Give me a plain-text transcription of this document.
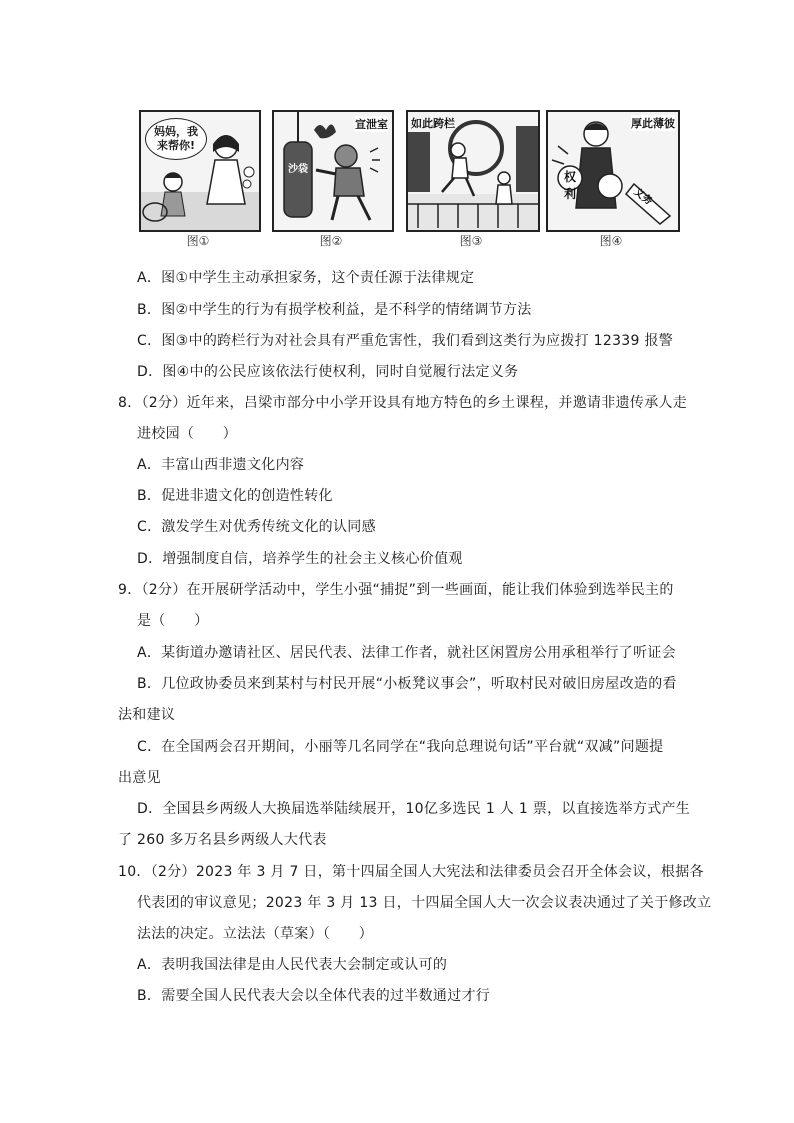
妈妈，我来帮你!
宣泄室
沙袋
如此跨栏	厚此薄彼
权利	义务
图①	图②	图③	图④
A．图①中学生主动承担家务，这个责任源于法律规定
B．图②中学生的行为有损学校利益，是不科学的情绪调节方法
C．图③中的跨栏行为对社会具有严重危害性，我们看到这类行为应拨打 12339 报警
D．图④中的公民应该依法行使权利，同时自觉履行法定义务
8．（2分）近年来，吕梁市部分中小学开设具有地方特色的乡土课程，并邀请非遗传承人走
进校园（　　）
A．丰富山西非遗文化内容
B．促进非遗文化的创造性转化
C．激发学生对优秀传统文化的认同感
D．增强制度自信，培养学生的社会主义核心价值观
9．（2分）在开展研学活动中，学生小强“捕捉”到一些画面，能让我们体验到选举民主的
是（　　）
A．某街道办邀请社区、居民代表、法律工作者，就社区闲置房公用承租举行了听证会
B．几位政协委员来到某村与村民开展“小板凳议事会”，听取村民对破旧房屋改造的看
法和建议
C．在全国两会召开期间，小丽等几名同学在“我向总理说句话”平台就“双减”问题提
出意见
D．全国县乡两级人大换届选举陆续展开，10亿多选民 1 人 1 票，以直接选举方式产生
了 260 多万名县乡两级人大代表
10．（2分）2023 年 3 月 7 日，第十四届全国人大宪法和法律委员会召开全体会议，根据各
代表团的审议意见；2023 年 3 月 13 日，十四届全国人大一次会议表决通过了关于修改立
法法的决定。立法法（草案）（　　）
A．表明我国法律是由人民代表大会制定或认可的
B．需要全国人民代表大会以全体代表的过半数通过才行
